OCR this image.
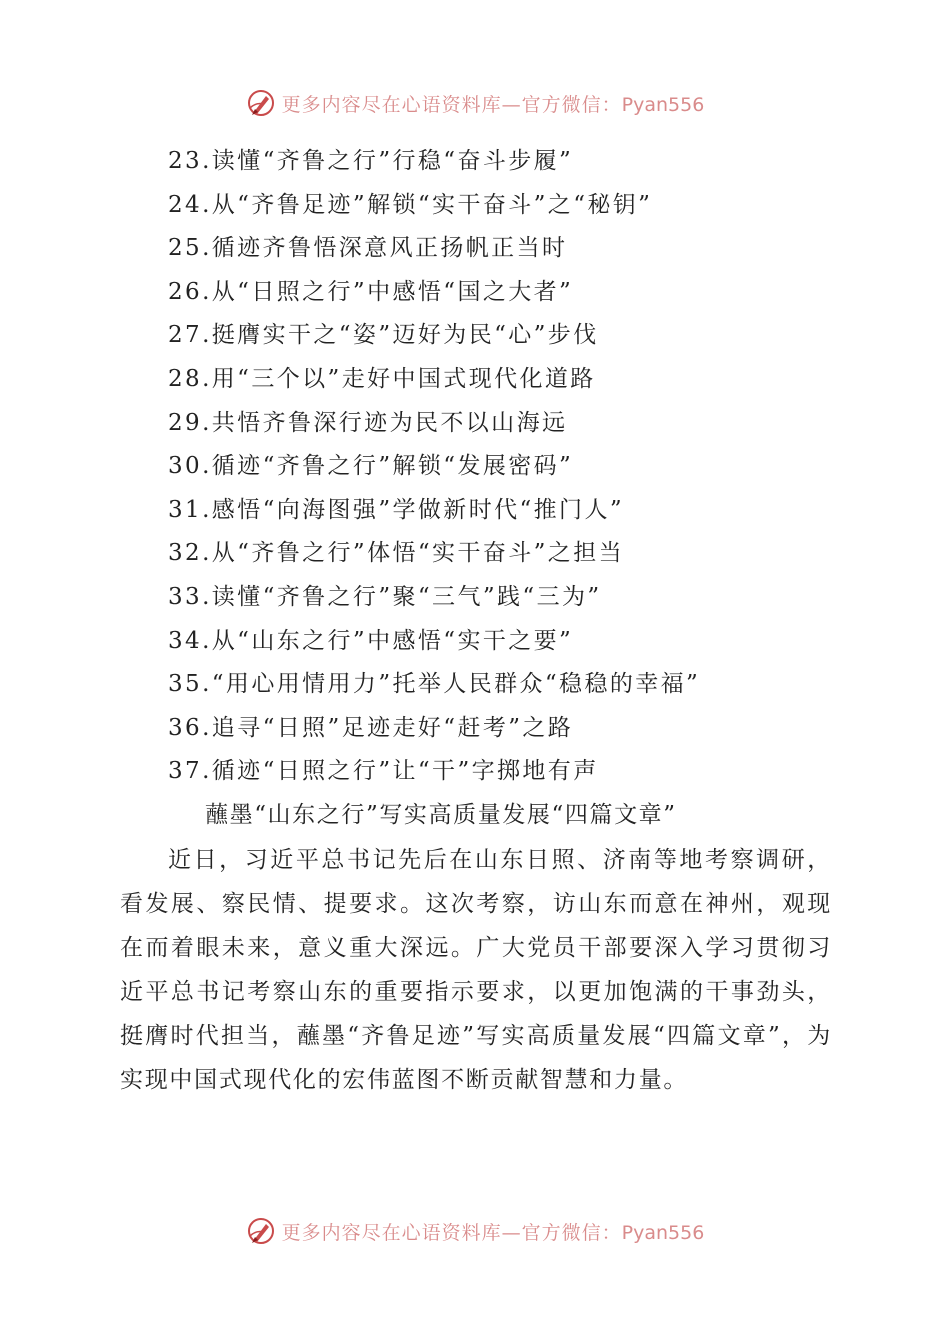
更多内容尽在心语资料库—官方微信：Pyan556
23.读懂“齐鲁之行”行稳“奋斗步履”
24.从“齐鲁足迹”解锁“实干奋斗”之“秘钥”
25.循迹齐鲁悟深意风正扬帆正当时
26.从“日照之行”中感悟“国之大者”
27.挺膺实干之“姿”迈好为民“心”步伐
28.用“三个以”走好中国式现代化道路
29.共悟齐鲁深行迹为民不以山海远
30.循迹“齐鲁之行”解锁“发展密码”
31.感悟“向海图强”学做新时代“推门人”
32.从“齐鲁之行”体悟“实干奋斗”之担当
33.读懂“齐鲁之行”聚“三气”践“三为”
34.从“山东之行”中感悟“实干之要”
35.“用心用情用力”托举人民群众“稳稳的幸福”
36.追寻“日照”足迹走好“赶考”之路
37.循迹“日照之行”让“干”字掷地有声
蘸墨“山东之行”写实高质量发展“四篇文章”

近日，习近平总书记先后在山东日照、济南等地考察调研，看发展、察民情、提要求。这次考察，访山东而意在神州，观现在而着眼未来，意义重大深远。广大党员干部要深入学习贯彻习近平总书记考察山东的重要指示要求，以更加饱满的干事劲头，挺膺时代担当，蘸墨“齐鲁足迹”写实高质量发展“四篇文章”，为实现中国式现代化的宏伟蓝图不断贡献智慧和力量。

更多内容尽在心语资料库—官方微信：Pyan556
